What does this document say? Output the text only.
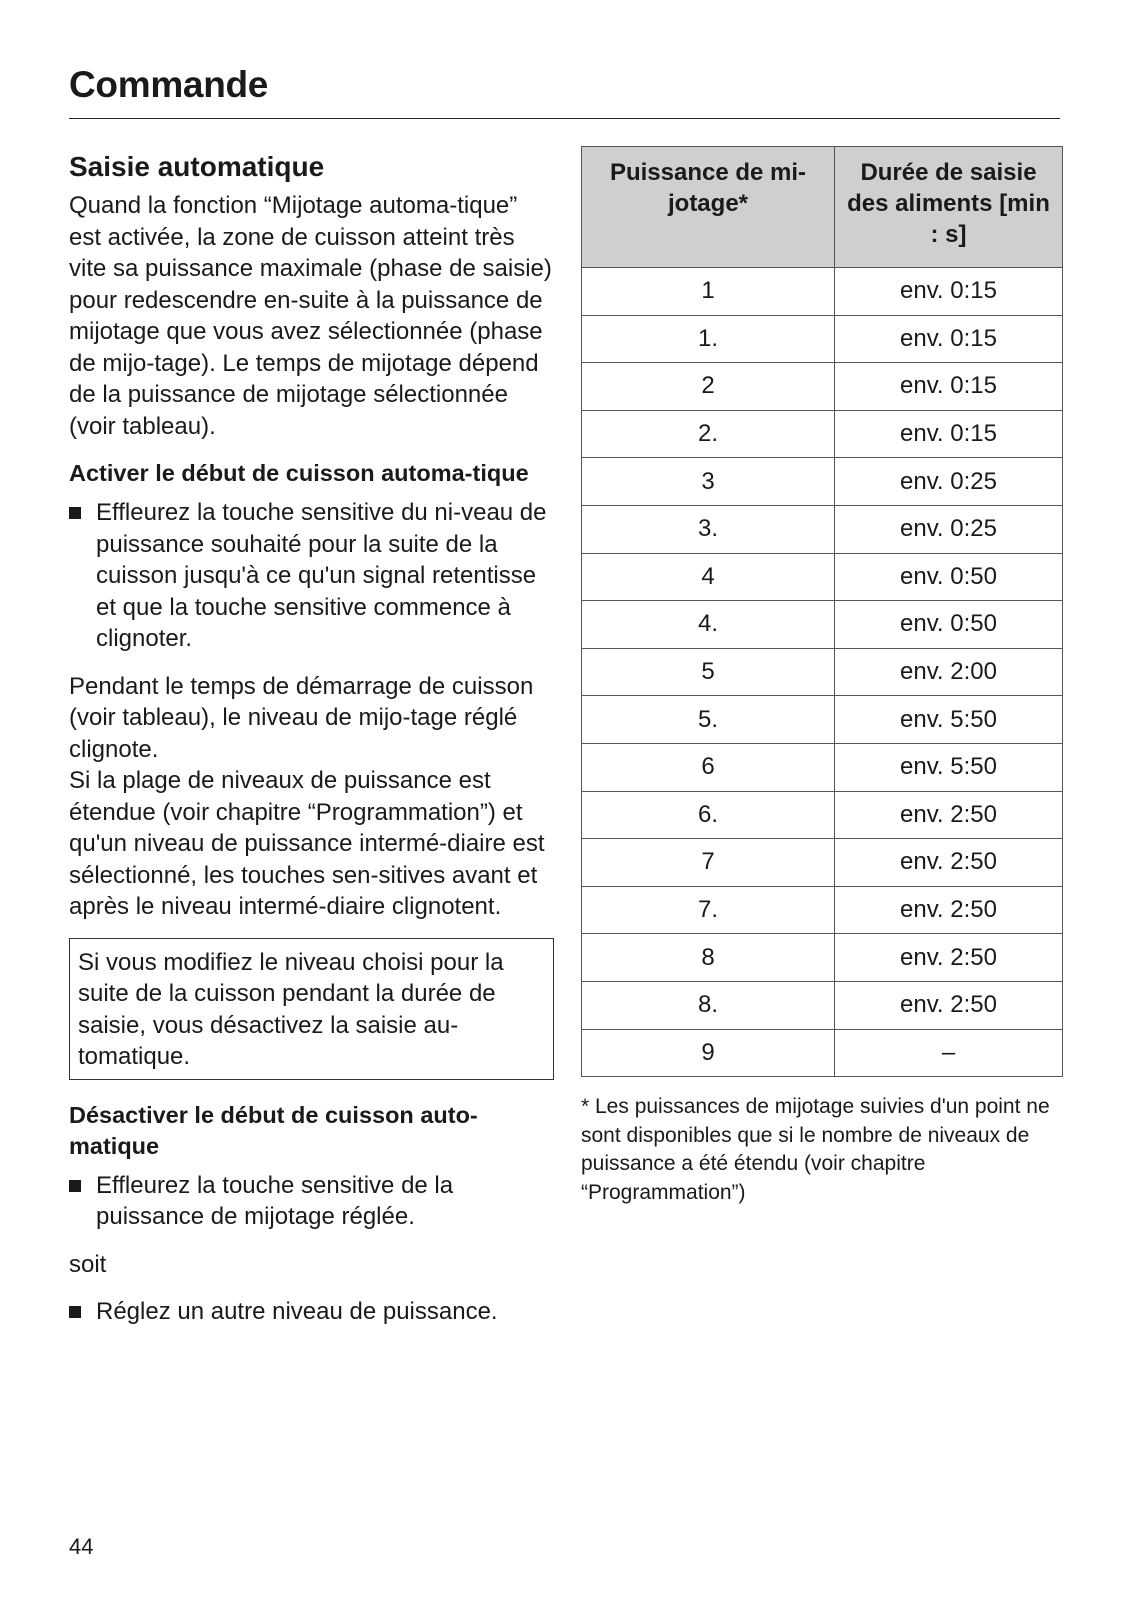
Commande
Saisie automatique

Quand la fonction “Mijotage automa-tique” est activée, la zone de cuisson atteint très vite sa puissance maximale (phase de saisie) pour redescendre en-suite à la puissance de mijotage que vous avez sélectionnée (phase de mijo-tage). Le temps de mijotage dépend de la puissance de mijotage sélectionnée (voir tableau).

Activer le début de cuisson automa-tique
Effleurez la touche sensitive du ni-veau de puissance souhaité pour la suite de la cuisson jusqu'à ce qu'un signal retentisse et que la touche sensitive commence à clignoter.

Pendant le temps de démarrage de cuisson (voir tableau), le niveau de mijo-tage réglé clignote.

Si la plage de niveaux de puissance est étendue (voir chapitre “Programmation”) et qu'un niveau de puissance intermé-diaire est sélectionné, les touches sen-sitives avant et après le niveau intermé-diaire clignotent.

Si vous modifiez le niveau choisi pour la suite de la cuisson pendant la durée de saisie, vous désactivez la saisie au-tomatique.
Désactiver le début de cuisson auto-matique
Effleurez la touche sensitive de la puissance de mijotage réglée.

soit

Réglez un autre niveau de puissance.
Puissance de mi-jotage*	Durée de saisie des aliments [min : s]
1	env. 0:15
1.	env. 0:15
2	env. 0:15
2.	env. 0:15
3	env. 0:25
3.	env. 0:25
4	env. 0:50
4.	env. 0:50
5	env. 2:00
5.	env. 5:50
6	env. 5:50
6.	env. 2:50
7	env. 2:50
7.	env. 2:50
8	env. 2:50
8.	env. 2:50
9	–
* Les puissances de mijotage suivies d'un point ne sont disponibles que si le nombre de niveaux de puissance a été étendu (voir chapitre “Programmation”)
44
